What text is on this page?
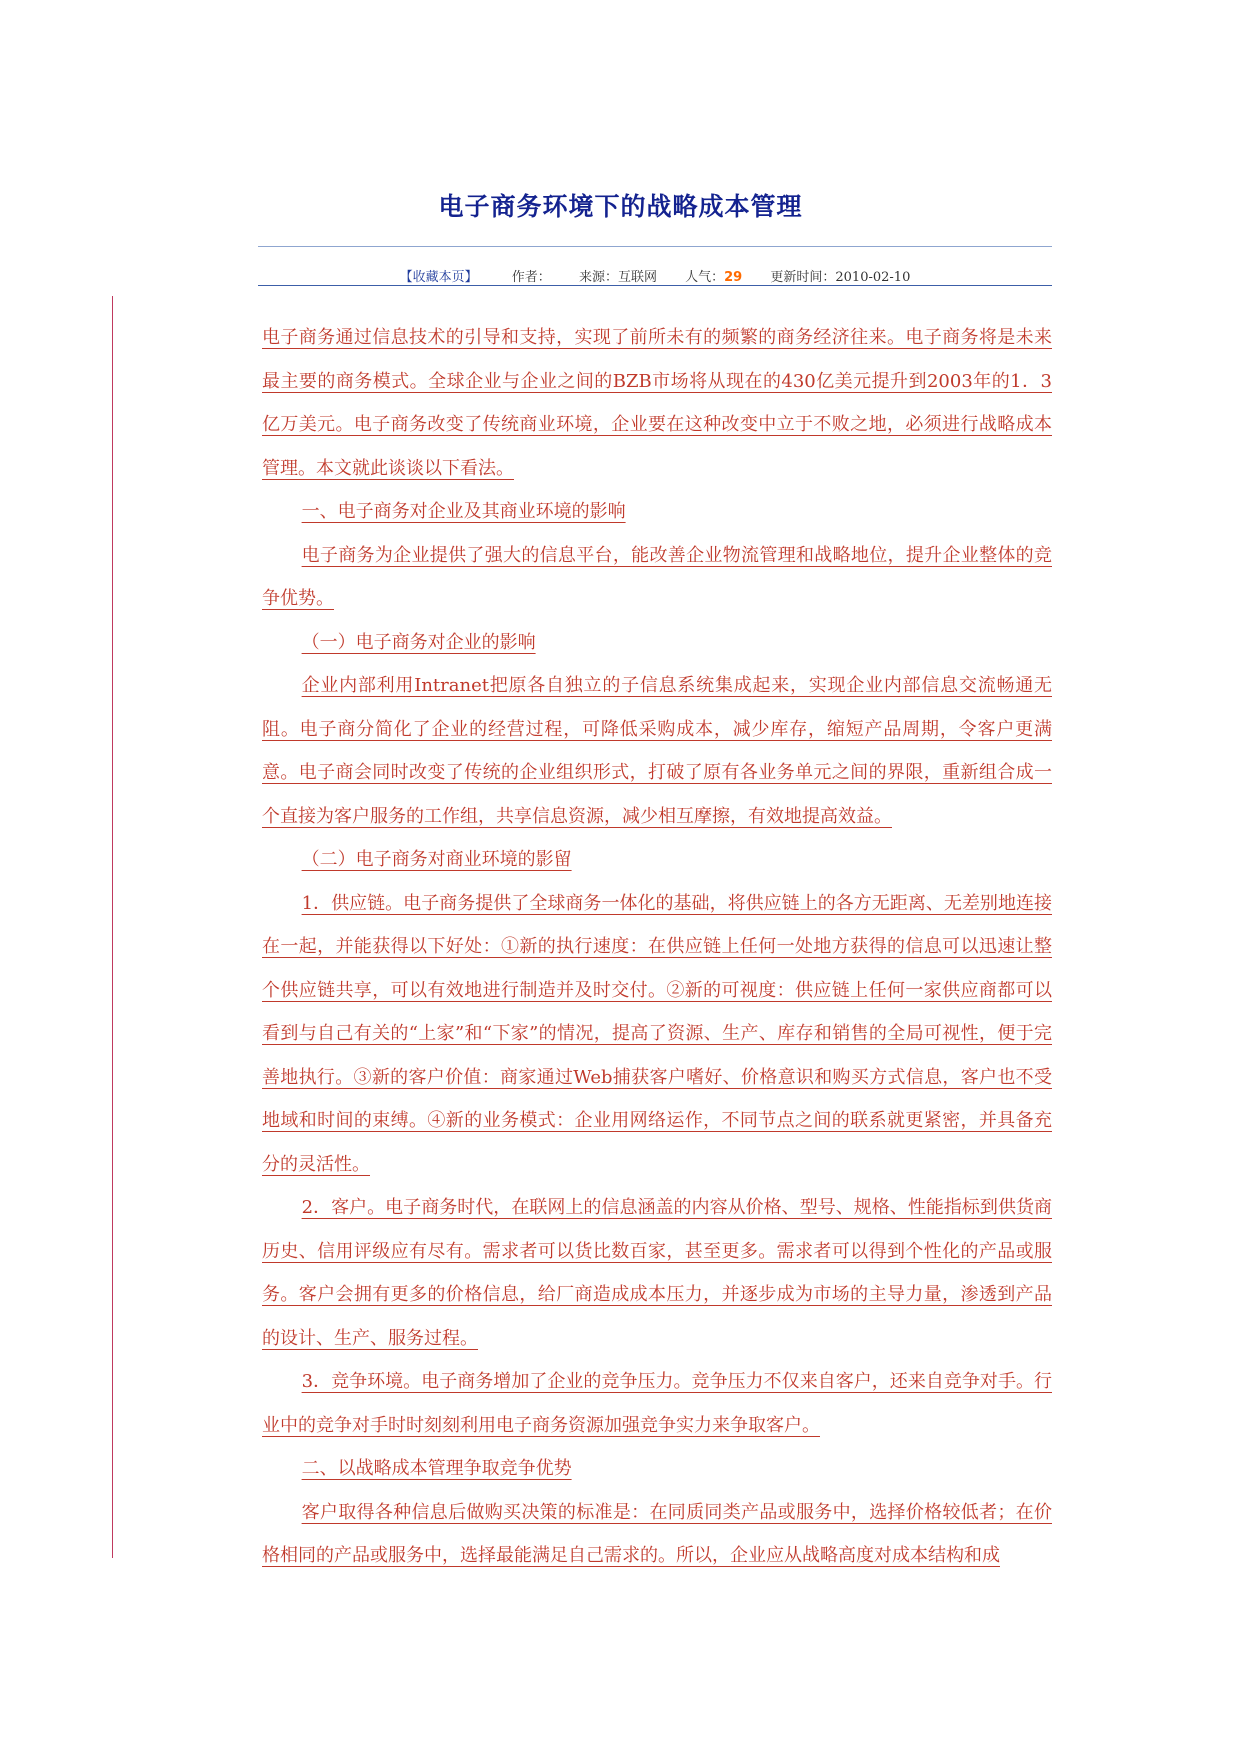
电子商务环境下的战略成本管理
【收藏本页】	作者： 来源：互联网 人气：29 更新时间：2010-02-10

电子商务通过信息技术的引导和支持，实现了前所未有的频繁的商务经济往来。电子商务将是未来最主要的商务模式。全球企业与企业之间的BZB市场将从现在的430亿美元提升到2003年的1．3亿万美元。电子商务改变了传统商业环境，企业要在这种改变中立于不败之地，必须进行战略成本管理。本文就此谈谈以下看法。

一、电子商务对企业及其商业环境的影响

电子商务为企业提供了强大的信息平台，能改善企业物流管理和战略地位，提升企业整体的竞争优势。

（一）电子商务对企业的影响

企业内部利用Intranet把原各自独立的子信息系统集成起来，实现企业内部信息交流畅通无阻。电子商分简化了企业的经营过程，可降低采购成本，减少库存，缩短产品周期，令客户更满意。电子商会同时改变了传统的企业组织形式，打破了原有各业务单元之间的界限，重新组合成一个直接为客户服务的工作组，共享信息资源，减少相互摩擦，有效地提高效益。

（二）电子商务对商业环境的影留

1．供应链。电子商务提供了全球商务一体化的基础，将供应链上的各方无距离、无差别地连接在一起，并能获得以下好处：①新的执行速度：在供应链上任何一处地方获得的信息可以迅速让整个供应链共享，可以有效地进行制造并及时交付。②新的可视度：供应链上任何一家供应商都可以看到与自己有关的“上家”和“下家”的情况，提高了资源、生产、库存和销售的全局可视性，便于完善地执行。③新的客户价值：商家通过Web捕获客户嗜好、价格意识和购买方式信息，客户也不受地域和时间的束缚。④新的业务模式：企业用网络运作，不同节点之间的联系就更紧密，并具备充分的灵活性。

2．客户。电子商务时代，在联网上的信息涵盖的内容从价格、型号、规格、性能指标到供货商历史、信用评级应有尽有。需求者可以货比数百家，甚至更多。需求者可以得到个性化的产品或服务。客户会拥有更多的价格信息，给厂商造成成本压力，并逐步成为市场的主导力量，渗透到产品的设计、生产、服务过程。

3．竞争环境。电子商务增加了企业的竞争压力。竞争压力不仅来自客户，还来自竞争对手。行业中的竞争对手时时刻刻利用电子商务资源加强竞争实力来争取客户。

二、以战略成本管理争取竞争优势

客户取得各种信息后做购买决策的标准是：在同质同类产品或服务中，选择价格较低者；在价格相同的产品或服务中，选择最能满足自己需求的。所以，企业应从战略高度对成本结构和成
